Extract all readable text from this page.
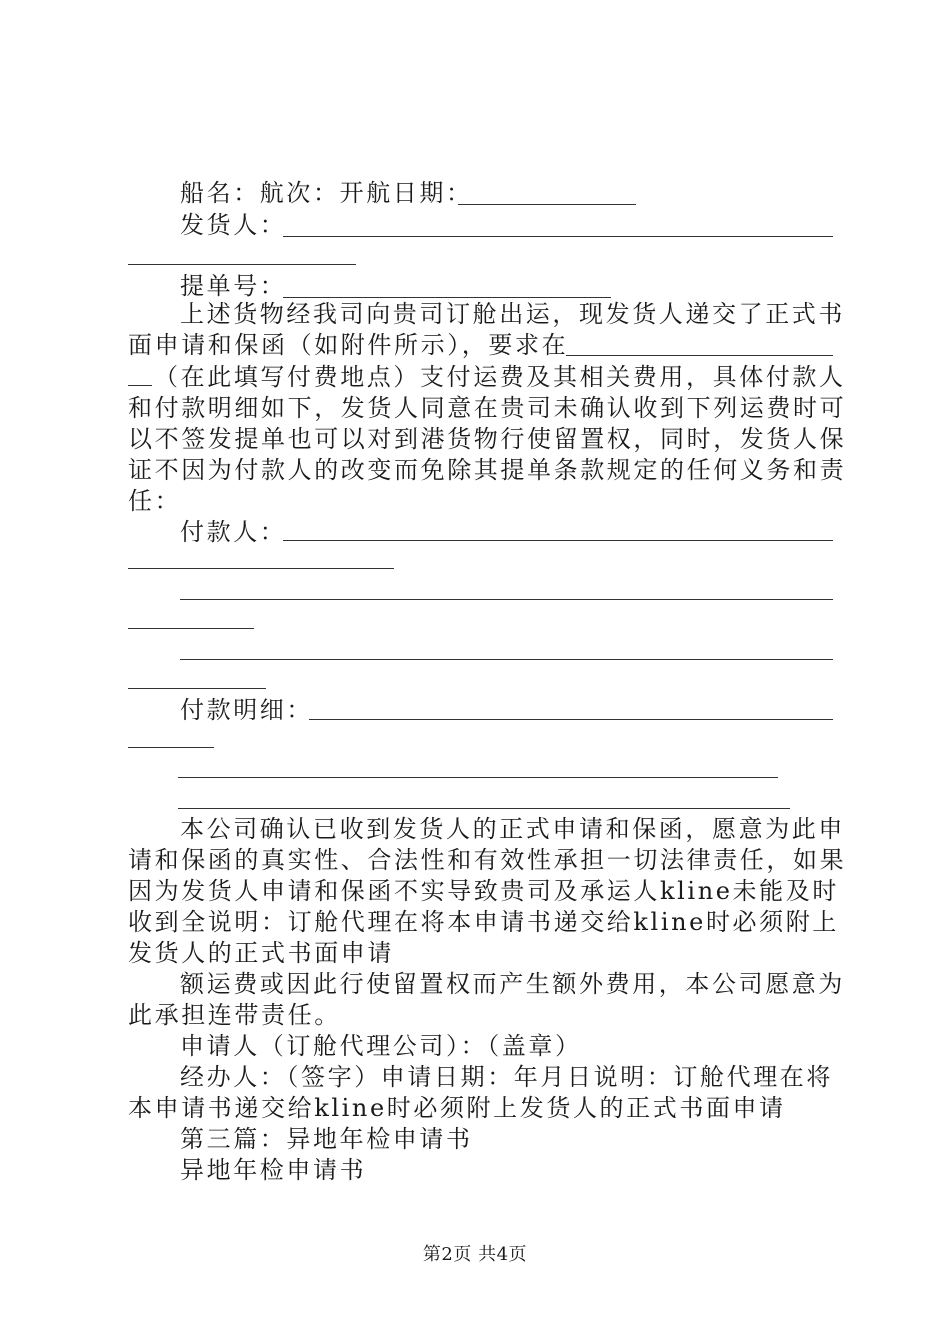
船名：航次：开航日期：
发货人：
提单号：
上述货物经我司向贵司订舱出运，现发货人递交了正式书
面申请和保函（如附件所示），要求在
（在此填写付费地点）支付运费及其相关费用，具体付款人
和付款明细如下，发货人同意在贵司未确认收到下列运费时可
以不签发提单也可以对到港货物行使留置权，同时，发货人保
证不因为付款人的改变而免除其提单条款规定的任何义务和责
任：
付款人：
付款明细：
本公司确认已收到发货人的正式申请和保函，愿意为此申
请和保函的真实性、合法性和有效性承担一切法律责任，如果
因为发货人申请和保函不实导致贵司及承运人kline未能及时
收到全说明：订舱代理在将本申请书递交给kline时必须附上
发货人的正式书面申请
额运费或因此行使留置权而产生额外费用，本公司愿意为
此承担连带责任。
申请人（订舱代理公司）：（盖章）
经办人：（签字）申请日期：年月日说明：订舱代理在将
本申请书递交给kline时必须附上发货人的正式书面申请
第三篇：异地年检申请书
异地年检申请书
第2页 共4页
